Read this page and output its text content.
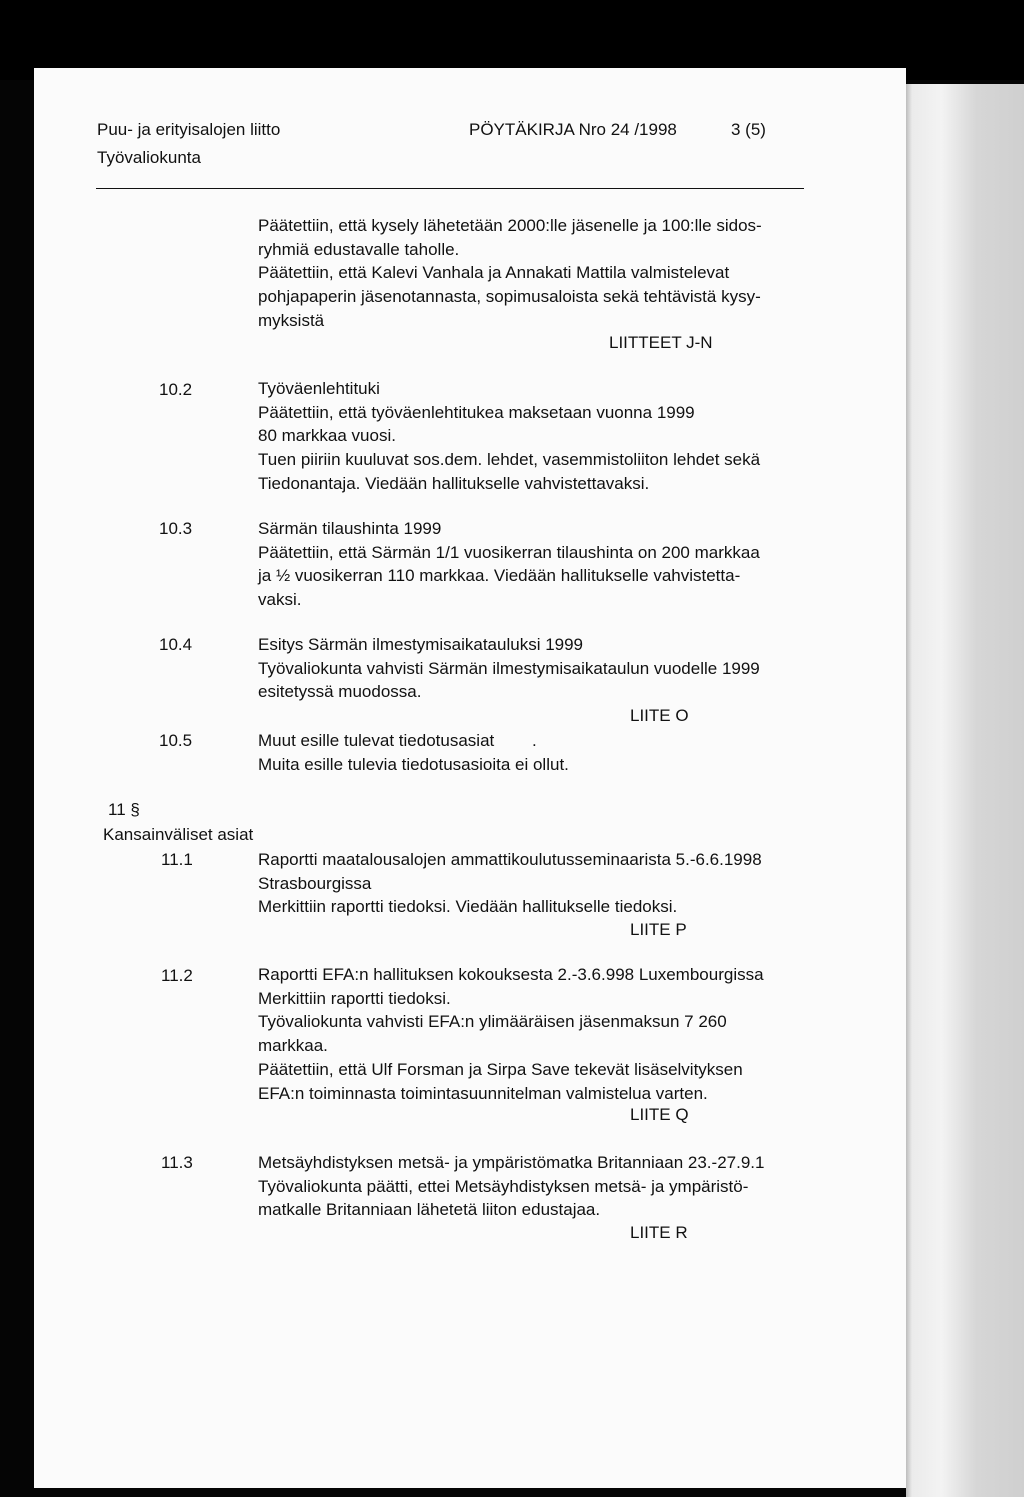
Puu- ja erityisalojen liitto
Työvaliokunta
PÖYTÄKIRJA Nro 24 /1998	3 (5)
Päätettiin, että kysely lähetetään 2000:lle jäsenelle ja 100:lle sidos-
ryhmiä edustavalle taholle.
Päätettiin, että Kalevi Vanhala ja Annakati Mattila valmistelevat
pohjapaperin jäsenotannasta, sopimusaloista sekä tehtävistä kysy-
myksistä
LIITTEET J-N
10.2	Työväenlehtituki
Päätettiin, että työväenlehtitukea maksetaan vuonna 1999
80 markkaa vuosi.
Tuen piiriin kuuluvat sos.dem. lehdet, vasemmistoliiton lehdet sekä
Tiedonantaja. Viedään hallitukselle vahvistettavaksi.
10.3	Särmän tilaushinta 1999
Päätettiin, että Särmän 1/1 vuosikerran tilaushinta on 200 markkaa
ja ½ vuosikerran 110 markkaa. Viedään hallitukselle vahvistetta-
vaksi.
10.4	Esitys Särmän ilmestymisaikatauluksi 1999
Työvaliokunta vahvisti Särmän ilmestymisaikataulun vuodelle 1999
esitetyssä muodossa.
LIITE O
10.5	Muut esille tulevat tiedotusasiat        .
Muita esille tulevia tiedotusasioita ei ollut.
11 §
Kansainväliset asiat
11.1	Raportti maatalousalojen ammattikoulutusseminaarista 5.-6.6.1998
Strasbourgissa
Merkittiin raportti tiedoksi. Viedään hallitukselle tiedoksi.
LIITE P
11.2	Raportti EFA:n hallituksen kokouksesta 2.-3.6.998 Luxembourgissa
Merkittiin raportti tiedoksi.
Työvaliokunta vahvisti EFA:n ylimääräisen jäsenmaksun 7 260
markkaa.
Päätettiin, että Ulf Forsman ja Sirpa Save tekevät lisäselvityksen
EFA:n toiminnasta toimintasuunnitelman valmistelua varten.
LIITE Q
11.3	Metsäyhdistyksen metsä- ja ympäristömatka Britanniaan 23.-27.9.1
Työvaliokunta päätti, ettei Metsäyhdistyksen metsä- ja ympäristö-
matkalle Britanniaan lähetetä liiton edustajaa.
LIITE R
